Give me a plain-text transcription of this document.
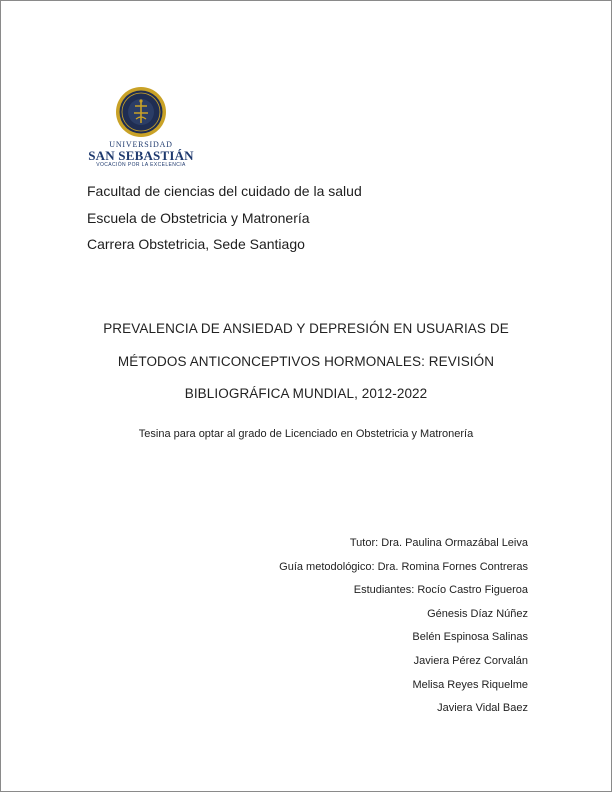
UNIVERSIDAD
SAN SEBASTIÁN
VOCACIÓN POR LA EXCELENCIA
Facultad de ciencias del cuidado de la salud
Escuela de Obstetricia y Matronería
Carrera Obstetricia, Sede Santiago
PREVALENCIA DE ANSIEDAD Y DEPRESIÓN EN USUARIAS DE
MÉTODOS ANTICONCEPTIVOS HORMONALES: REVISIÓN
BIBLIOGRÁFICA MUNDIAL, 2012-2022
Tesina para optar al grado de Licenciado en Obstetricia y Matronería
Tutor: Dra. Paulina Ormazábal Leiva
Guía metodológico: Dra. Romina Fornes Contreras
Estudiantes: Rocío Castro Figueroa
Génesis Díaz Núñez
Belén Espinosa Salinas
Javiera Pérez Corvalán
Melisa Reyes Riquelme
Javiera Vidal Baez
